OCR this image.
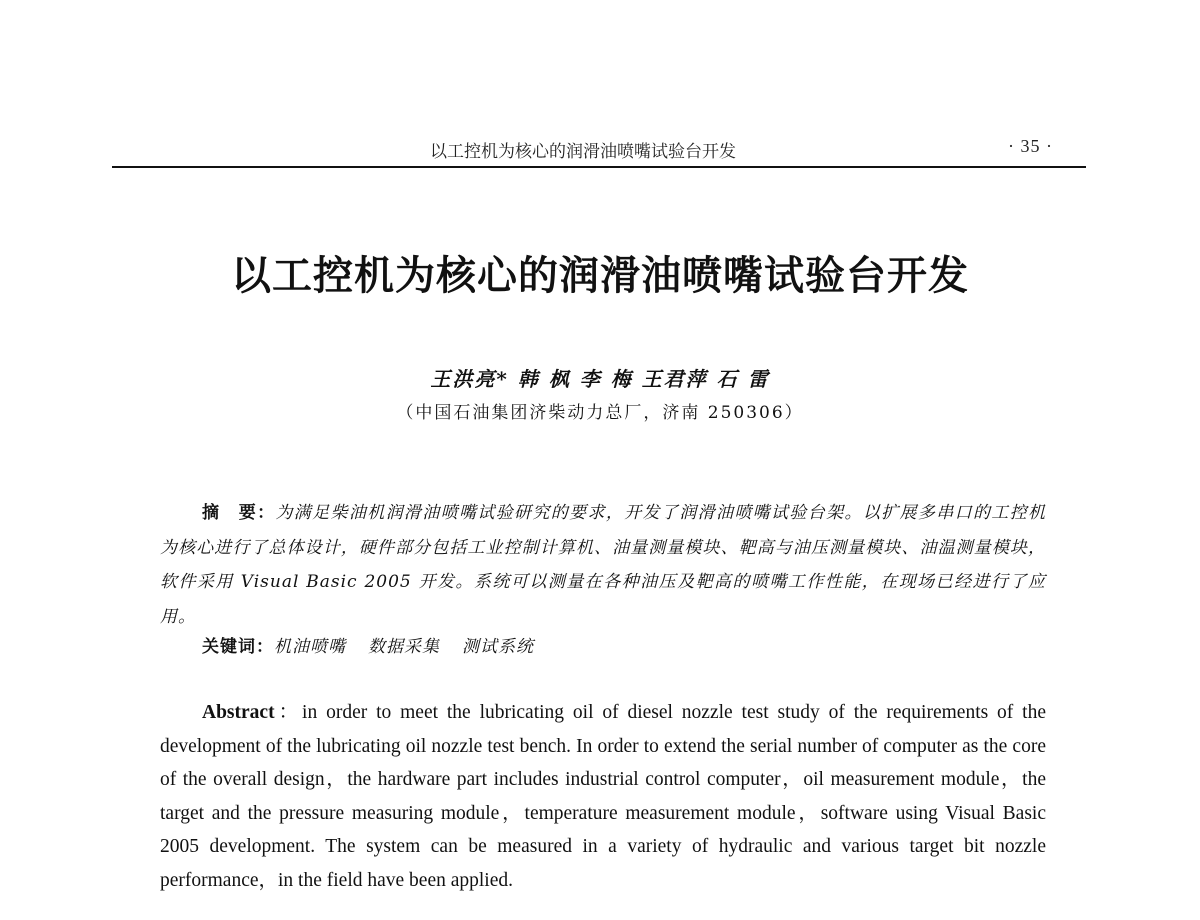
以工控机为核心的润滑油喷嘴试验台开发	· 35 ·
以工控机为核心的润滑油喷嘴试验台开发
王洪亮* 韩 枫 李 梅 王君萍 石 雷
（中国石油集团济柴动力总厂，济南 250306）

摘　要：为满足柴油机润滑油喷嘴试验研究的要求，开发了润滑油喷嘴试验台架。以扩展多串口的工控机为核心进行了总体设计，硬件部分包括工业控制计算机、油量测量模块、靶高与油压测量模块、油温测量模块，软件采用 Visual Basic 2005 开发。系统可以测量在各种油压及靶高的喷嘴工作性能，在现场已经进行了应用。

关键词：机油喷嘴 数据采集 测试系统

Abstract：in order to meet the lubricating oil of diesel nozzle test study of the requirements of the development of the lubricating oil nozzle test bench. In order to extend the serial number of computer as the core of the overall design，the hardware part includes industrial control computer，oil measurement module，the target and the pressure measuring module，temperature measurement module，software using Visual Basic 2005 development. The system can be measured in a variety of hydraulic and various target bit nozzle performance，in the field have been applied.
